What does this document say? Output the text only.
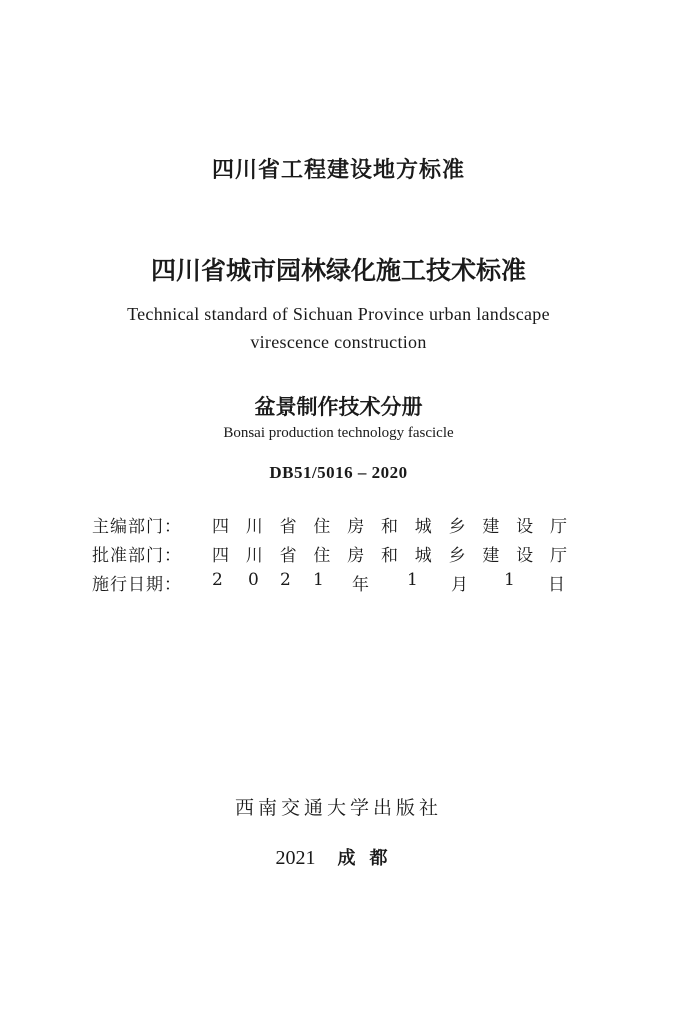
四川省工程建设地方标准
四川省城市园林绿化施工技术标准
Technical standard of Sichuan Province urban landscape
virescence construction
盆景制作技术分册
Bonsai production technology fascicle
DB51/5016 – 2020
主编部门：	四 川 省 住 房 和 城 乡 建 设 厅
批准部门：	四 川 省 住 房 和 城 乡 建 设 厅
施行日期：	2 0 2 1 年 1 月 1 日
西南交通大学出版社
2021 成都
